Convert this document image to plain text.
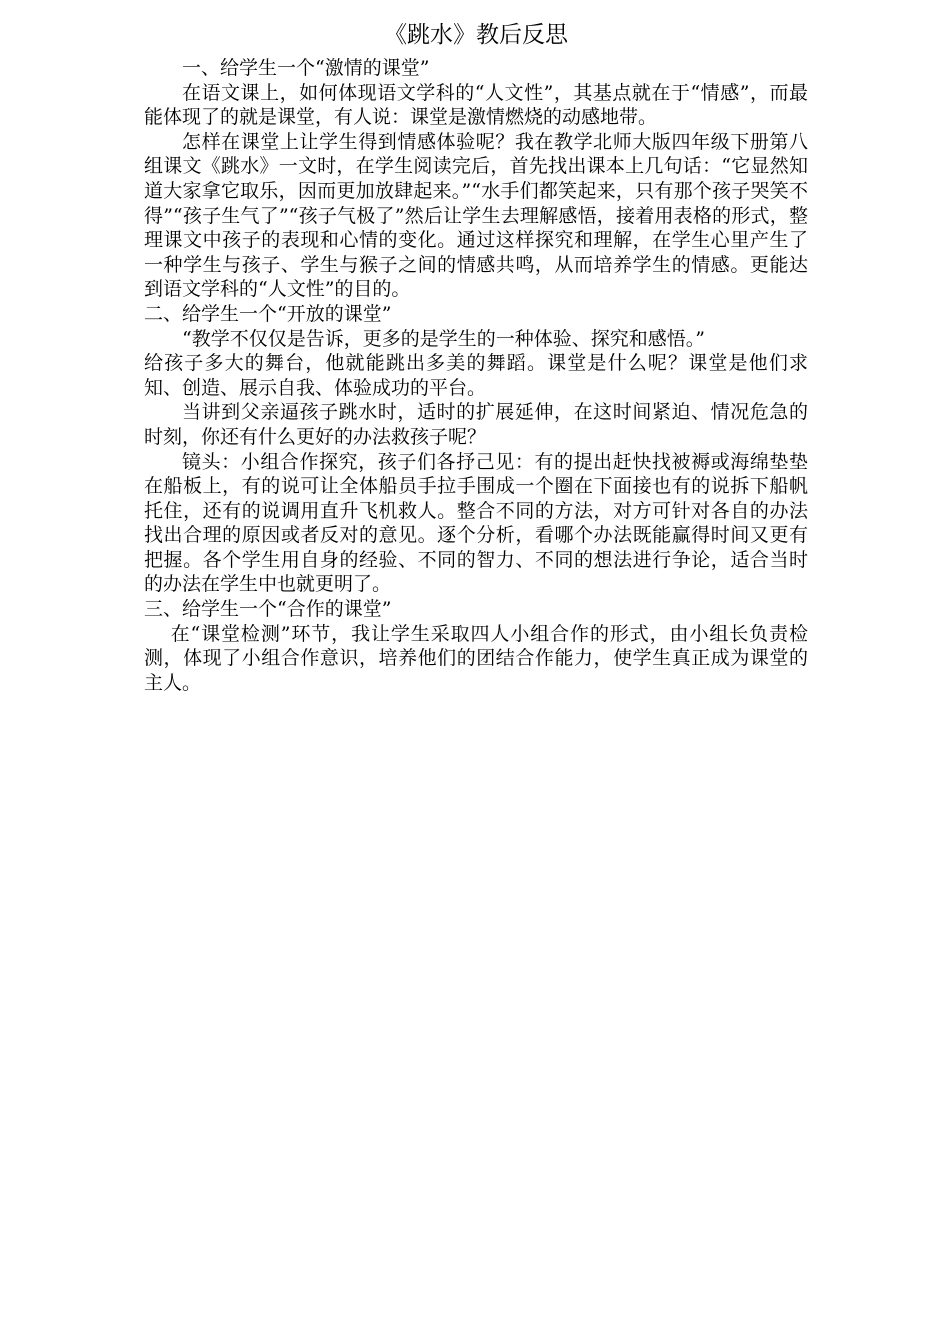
《跳水》教后反思

一、给学生一个“激情的课堂”

在语文课上，如何体现语文学科的“人文性”，其基点就在于“情感”，而最能体现了的就是课堂，有人说：课堂是激情燃烧的动感地带。

怎样在课堂上让学生得到情感体验呢？我在教学北师大版四年级下册第八组课文《跳水》一文时，在学生阅读完后，首先找出课本上几句话：“它显然知道大家拿它取乐，因而更加放肆起来。”“水手们都笑起来，只有那个孩子哭笑不得”“孩子生气了”“孩子气极了”然后让学生去理解感悟，接着用表格的形式，整理课文中孩子的表现和心情的变化。通过这样探究和理解，在学生心里产生了一种学生与孩子、学生与猴子之间的情感共鸣，从而培养学生的情感。更能达到语文学科的“人文性”的目的。

二、给学生一个“开放的课堂”

“教学不仅仅是告诉，更多的是学生的一种体验、探究和感悟。”

给孩子多大的舞台，他就能跳出多美的舞蹈。课堂是什么呢？课堂是他们求知、创造、展示自我、体验成功的平台。

当讲到父亲逼孩子跳水时，适时的扩展延伸，在这时间紧迫、情况危急的时刻，你还有什么更好的办法救孩子呢？

镜头：小组合作探究，孩子们各抒己见：有的提出赶快找被褥或海绵垫垫在船板上，有的说可让全体船员手拉手围成一个圈在下面接也有的说拆下船帆托住，还有的说调用直升飞机救人。整合不同的方法，对方可针对各自的办法找出合理的原因或者反对的意见。逐个分析，看哪个办法既能赢得时间又更有把握。各个学生用自身的经验、不同的智力、不同的想法进行争论，适合当时的办法在学生中也就更明了。

三、给学生一个“合作的课堂”

在“课堂检测”环节，我让学生采取四人小组合作的形式，由小组长负责检测，体现了小组合作意识，培养他们的团结合作能力，使学生真正成为课堂的主人。
